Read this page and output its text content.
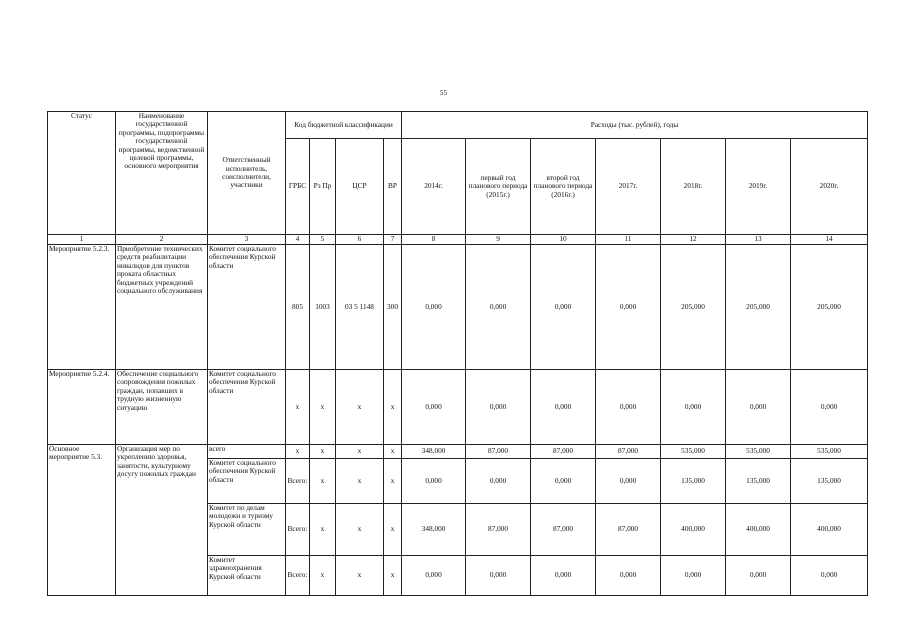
55
Статус	Наименование государственной программы, подпрограммы государственной программы, ведомственной целевой программы, основного мероприятия	Ответственный исполнитель, соисполнители, участники	Код бюджетной классификации				Расходы (тыс. рублей), годы						
			ГРБС	Рз Пр	ЦСР	ВР	2014г.	первый год планового периода (2015г.)	второй год планового периода (2016г.)	2017г.	2018г.	2019г.	2020г.
1	2	3	4	5	6	7	8	9	10	11	12	13	14
Мероприятие 5.2.3.	Приобретение технических средств реабилитации инвалидов для пунктов проката областных бюджетных учреждений социального обслуживания	Комитет социального обеспечения Курской области	805	1003	03 5 1148	300	0,000	0,000	0,000	0,000	205,000	205,000	205,000
Мероприятие 5.2.4.	Обеспечение социального сопровождения пожилых граждан, попавших в трудную жизненную ситуацию	Комитет социального обеспечения Курской области	х	х	х	х	0,000	0,000	0,000	0,000	0,000	0,000	0,000
Основное мероприятие 5.3.	Организация мер по укреплению здоровья, занятости, культурному досугу пожилых граждан	всего	х	х	х	х	348,000	87,000	87,000	87,000	535,000	535,000	535,000
		Комитет социального обеспечения Курской области	Всего:	х	х	х	0,000	0,000	0,000	0,000	135,000	135,000	135,000
		Комитет по делам молодежи и туризму Курской области	Всего:	х	х	х	348,000	87,000	87,000	87,000	400,000	400,000	400,000
		Комитет здравоохранения Курской области	Всего:	х	х	х	0,000	0,000	0,000	0,000	0,000	0,000	0,000
